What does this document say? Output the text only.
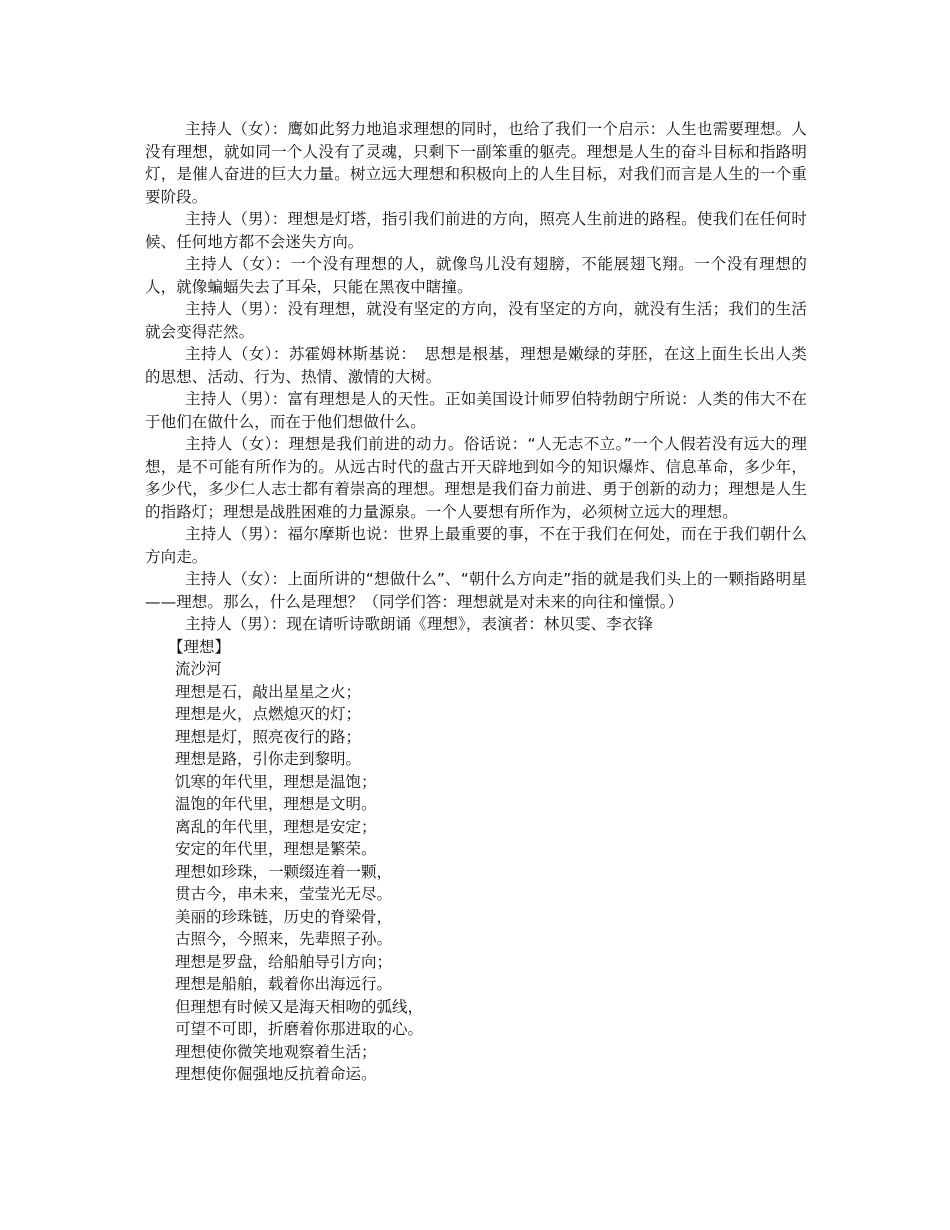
主持人（女）：鹰如此努力地追求理想的同时，也给了我们一个启示：人生也需要理想。人没有理想，就如同一个人没有了灵魂，只剩下一副笨重的躯壳。理想是人生的奋斗目标和指路明灯，是催人奋进的巨大力量。树立远大理想和积极向上的人生目标，对我们而言是人生的一个重要阶段。

主持人（男）：理想是灯塔，指引我们前进的方向，照亮人生前进的路程。使我们在任何时候、任何地方都不会迷失方向。

主持人（女）：一个没有理想的人，就像鸟儿没有翅膀，不能展翅飞翔。一个没有理想的人，就像蝙蝠失去了耳朵，只能在黑夜中瞎撞。

主持人（男）：没有理想，就没有坚定的方向，没有坚定的方向，就没有生活；我们的生活就会变得茫然。

主持人（女）：苏霍姆林斯基说：　思想是根基，理想是嫩绿的芽胚，在这上面生长出人类的思想、活动、行为、热情、激情的大树。

主持人（男）：富有理想是人的天性。正如美国设计师罗伯特勃朗宁所说：人类的伟大不在于他们在做什么，而在于他们想做什么。

主持人（女）：理想是我们前进的动力。俗话说：“人无志不立。”一个人假若没有远大的理想，是不可能有所作为的。从远古时代的盘古开天辟地到如今的知识爆炸、信息革命，多少年，多少代，多少仁人志士都有着崇高的理想。理想是我们奋力前进、勇于创新的动力；理想是人生的指路灯；理想是战胜困难的力量源泉。一个人要想有所作为，必须树立远大的理想。

主持人（男）：福尔摩斯也说：世界上最重要的事，不在于我们在何处，而在于我们朝什么方向走。

主持人（女）：上面所讲的“想做什么”、“朝什么方向走”指的就是我们头上的一颗指路明星——理想。那么，什么是理想？（同学们答：理想就是对未来的向往和憧憬。）

主持人（男）：现在请听诗歌朗诵《理想》，表演者：林贝雯、李衣锋

【理想】

流沙河

理想是石，敲出星星之火；

理想是火，点燃熄灭的灯；

理想是灯，照亮夜行的路；

理想是路，引你走到黎明。

饥寒的年代里，理想是温饱；

温饱的年代里，理想是文明。

离乱的年代里，理想是安定；

安定的年代里，理想是繁荣。

理想如珍珠，一颗缀连着一颗，

贯古今，串未来，莹莹光无尽。

美丽的珍珠链，历史的脊梁骨，

古照今，今照来，先辈照子孙。

理想是罗盘，给船舶导引方向；

理想是船舶，载着你出海远行。

但理想有时候又是海天相吻的弧线，

可望不可即，折磨着你那进取的心。

理想使你微笑地观察着生活；

理想使你倔强地反抗着命运。
